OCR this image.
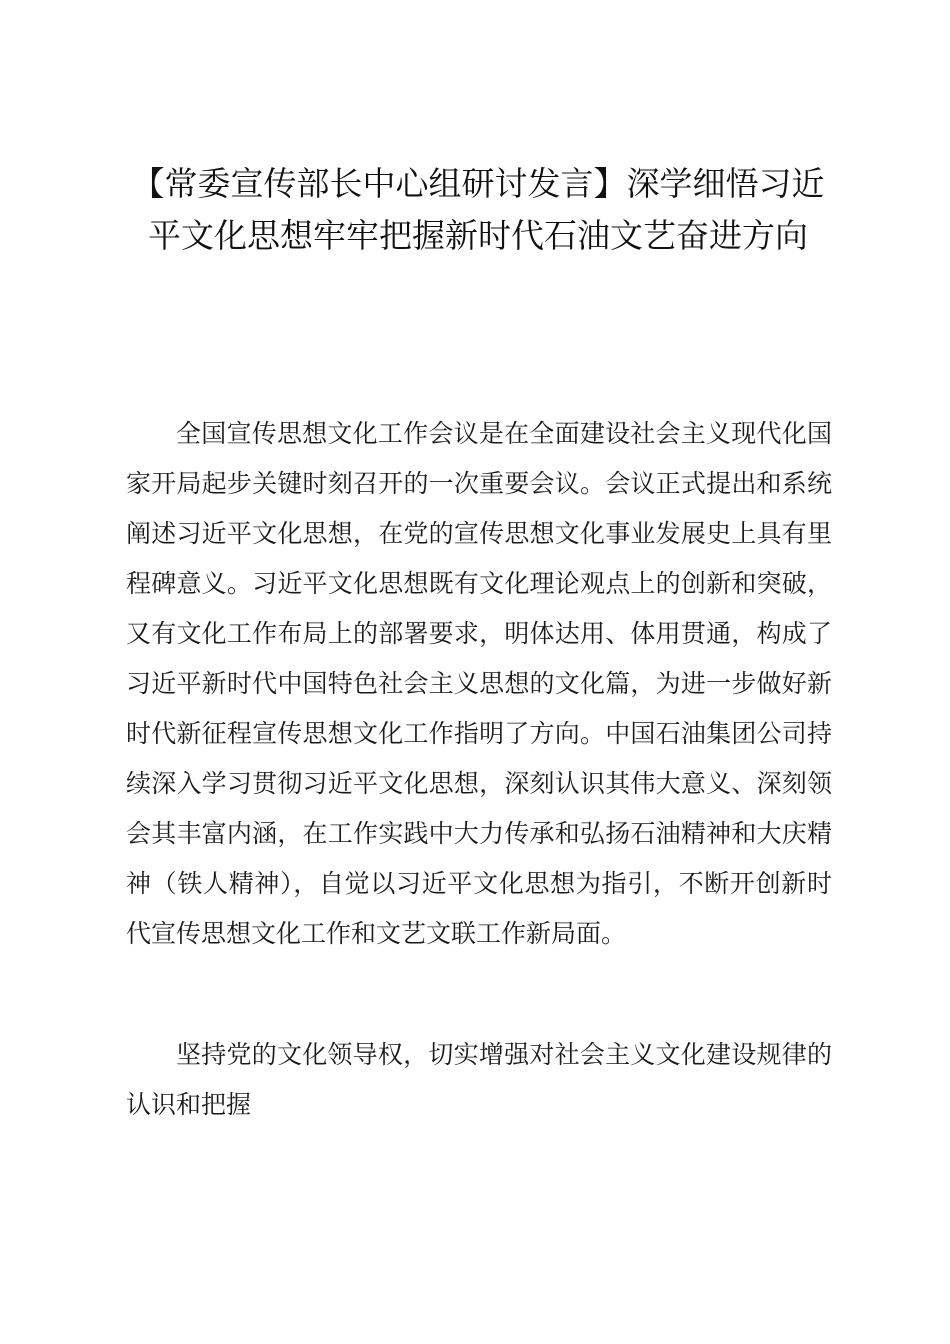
【常委宣传部长中心组研讨发言】深学细悟习近平文化思想牢牢把握新时代石油文艺奋进方向

全国宣传思想文化工作会议是在全面建设社会主义现代化国家开局起步关键时刻召开的一次重要会议。会议正式提出和系统阐述习近平文化思想，在党的宣传思想文化事业发展史上具有里程碑意义。习近平文化思想既有文化理论观点上的创新和突破，又有文化工作布局上的部署要求，明体达用、体用贯通，构成了习近平新时代中国特色社会主义思想的文化篇，为进一步做好新时代新征程宣传思想文化工作指明了方向。中国石油集团公司持续深入学习贯彻习近平文化思想，深刻认识其伟大意义、深刻领会其丰富内涵，在工作实践中大力传承和弘扬石油精神和大庆精神（铁人精神），自觉以习近平文化思想为指引，不断开创新时代宣传思想文化工作和文艺文联工作新局面。

坚持党的文化领导权，切实增强对社会主义文化建设规律的认识和把握
